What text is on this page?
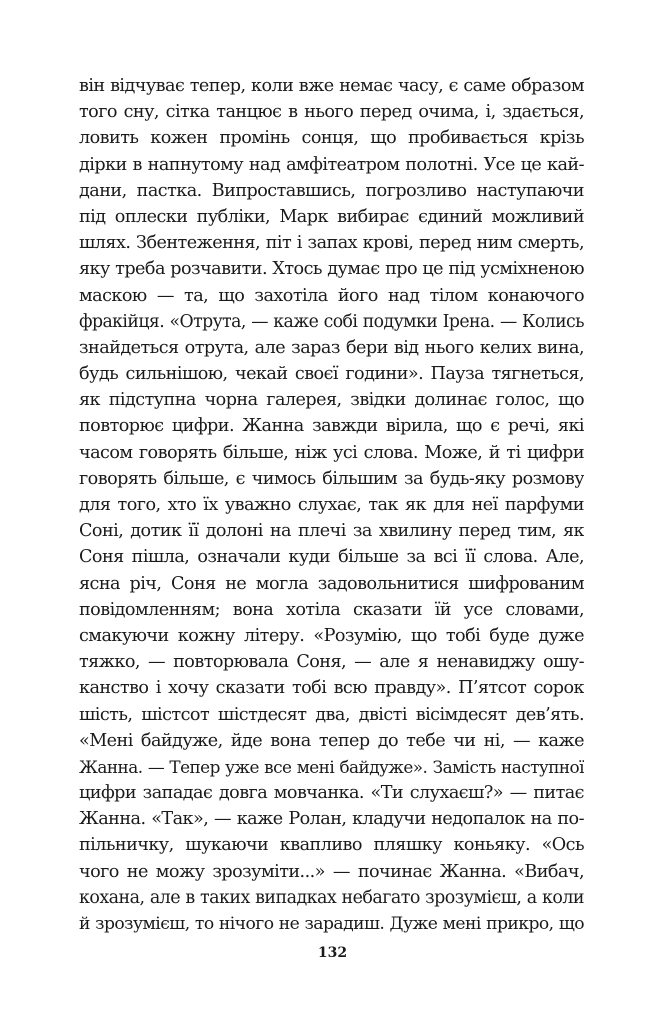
він відчуває тепер, коли вже немає часу, є саме образом
того сну, сітка танцює в нього перед очима, і, здається,
ловить кожен промінь сонця, що пробивається крізь
дірки в напнутому над амфітеатром полотні. Усе це кай-
дани, пастка. Випроставшись, погрозливо наступаючи
під оплески публіки, Марк вибирає єдиний можливий
шлях. Збентеження, піт і запах крові, перед ним смерть,
яку треба розчавити. Хтось думає про це під усміхненою
маскою — та, що захотіла його над тілом конаючого
фракійця. «Отрута, — каже собі подумки Ірена. — Колись
знайдеться отрута, але зараз бери від нього келих вина,
будь сильнішою, чекай своєї години». Пауза тягнеться,
як підступна чорна галерея, звідки долинає голос, що
повторює цифри. Жанна завжди вірила, що є речі, які
часом говорять більше, ніж усі слова. Може, й ті цифри
говорять більше, є чимось більшим за будь-яку розмову
для того, хто їх уважно слухає, так як для неї парфуми
Соні, дотик її долоні на плечі за хвилину перед тим, як
Соня пішла, означали куди більше за всі її слова. Але,
ясна річ, Соня не могла задовольнитися шифрованим
повідомленням; вона хотіла сказати їй усе словами,
смакуючи кожну літеру. «Розумію, що тобі буде дуже
тяжко, — повторювала Соня, — але я ненавиджу ошу-
канство і хочу сказати тобі всю правду». П’ятсот сорок
шість, шістсот шістдесят два, двісті вісімдесят дев’ять.
«Мені байдуже, йде вона тепер до тебе чи ні, — каже
Жанна. — Тепер уже все мені байдуже». Замість наступної
цифри западає довга мовчанка. «Ти слухаєш?» — питає
Жанна. «Так», — каже Ролан, кладучи недопалок на по-
пільничку, шукаючи квапливо пляшку коньяку. «Ось
чого не можу зрозуміти...» — починає Жанна. «Вибач,
кохана, але в таких випадках небагато зрозумієш, а коли
й зрозумієш, то нічого не зарадиш. Дуже мені прикро, що
132
